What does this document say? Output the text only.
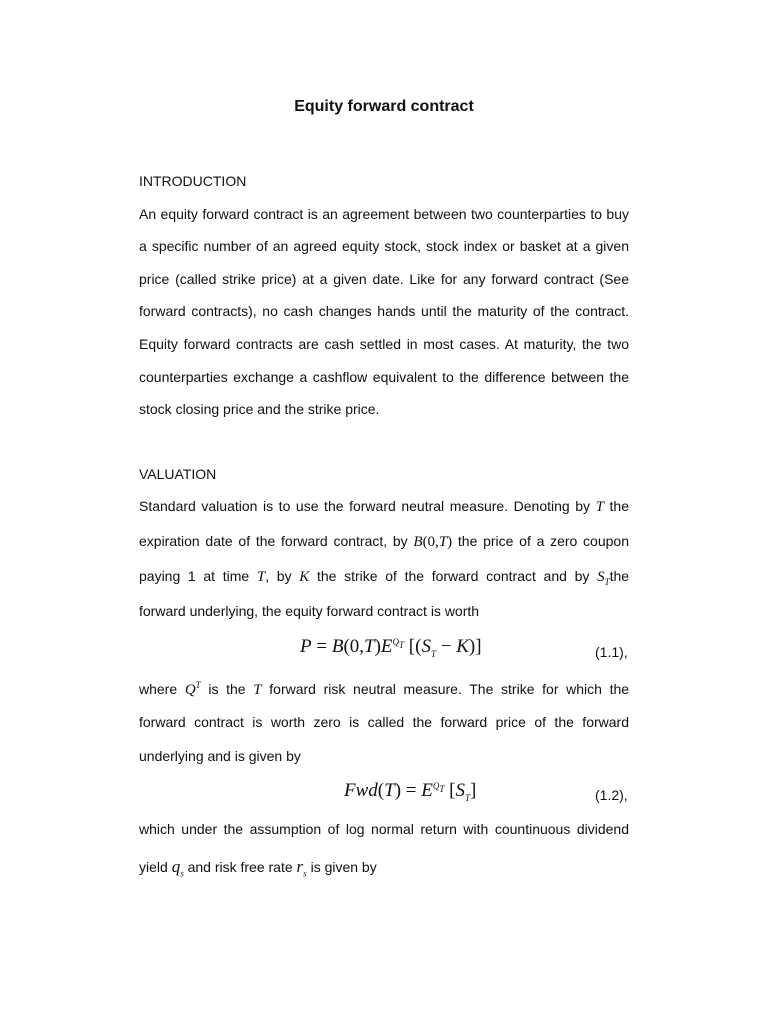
Equity forward contract
INTRODUCTION
An equity forward contract is an agreement between two counterparties to buy
a specific number of an agreed equity stock, stock index or basket at a given
price (called strike price) at a given date. Like for any forward contract (See
forward contracts), no cash changes hands until the maturity of the contract.
Equity forward contracts are cash settled in most cases. At maturity, the two
counterparties exchange a cashflow equivalent to the difference between the
stock closing price and the strike price.
VALUATION
Standard valuation is to use the forward neutral measure. Denoting by T the
expiration date of the forward contract, by B(0,T) the price of a zero coupon
paying 1 at time T, by K the strike of the forward contract and by $S_Tthe$
forward underlying, the equity forward contract is worth
$P = B(0,T)E^{Q_T}$ $[(S_T - K)]$	(1.1),
where $Q^T$ is the T forward risk neutral measure. The strike for which the
forward contract is worth zero is called the forward price of the forward
underlying and is given by
$Fwd(T) = E^{Q_T}$ $[S_T]$	(1.2),
which under the assumption of log normal return with countinuous dividend
yield $q_s$ and risk free rate $r_s$ is given by
